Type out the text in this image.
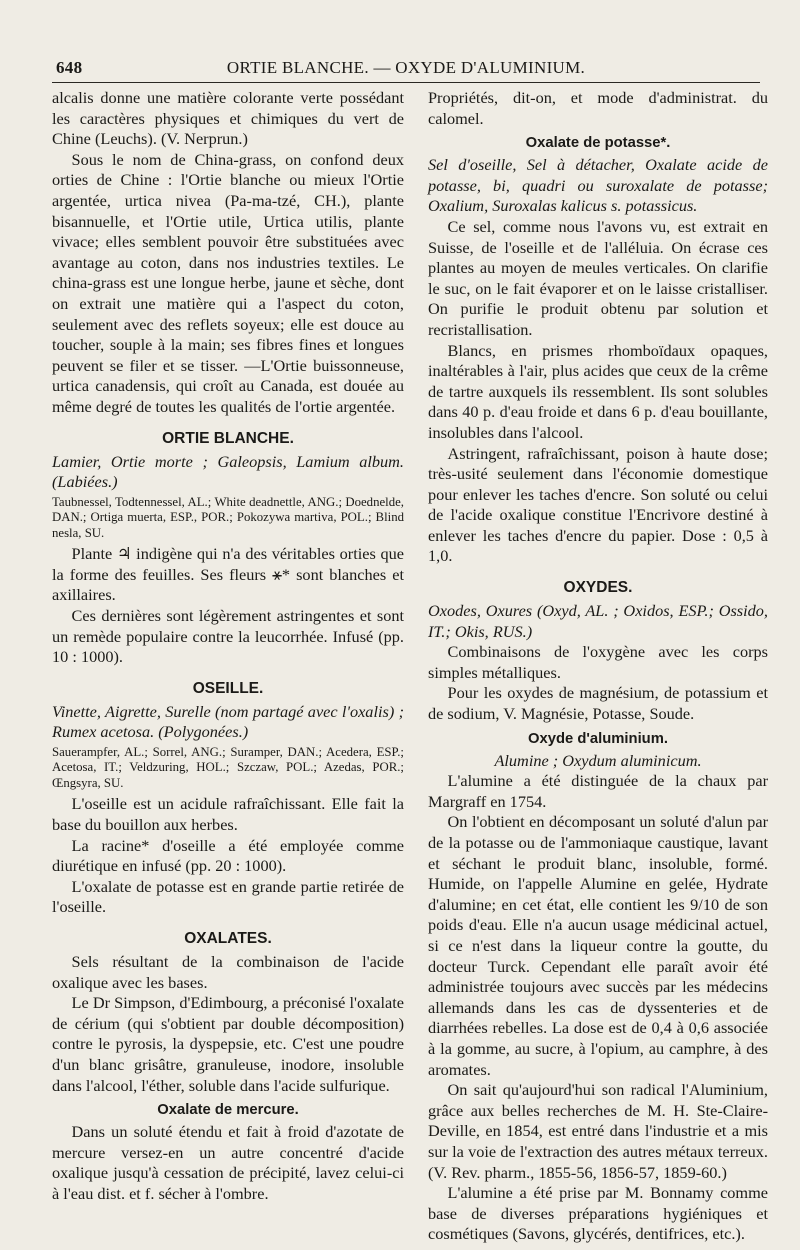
648	ORTIE BLANCHE. — OXYDE D'ALUMINIUM.

alcalis donne une matière colorante verte possédant les caractères physiques et chimiques du vert de Chine (Leuchs). (V. Nerprun.)

Sous le nom de China-grass, on confond deux orties de Chine : l'Ortie blanche ou mieux l'Ortie argentée, urtica nivea (Pa-ma-tzé, CH.), plante bisannuelle, et l'Ortie utile, Urtica utilis, plante vivace; elles semblent pouvoir être substituées avec avantage au coton, dans nos industries textiles. Le china-grass est une longue herbe, jaune et sèche, dont on extrait une matière qui a l'aspect du coton, seulement avec des reflets soyeux; elle est douce au toucher, souple à la main; ses fibres fines et longues peuvent se filer et se tisser. —L'Ortie buissonneuse, urtica canadensis, qui croît au Canada, est douée au même degré de toutes les qualités de l'ortie argentée.

ORTIE BLANCHE.

Lamier, Ortie morte ; Galeopsis, Lamium album. (Labiées.)

Taubnessel, Todtennessel, AL.; White deadnettle, ANG.; Doednelde, DAN.; Ortiga muerta, ESP., POR.; Pokozywa martiva, POL.; Blind nesla, SU.

Plante ♃ indigène qui n'a des véritables orties que la forme des feuilles. Ses fleurs ⚹* sont blanches et axillaires.

Ces dernières sont légèrement astringentes et sont un remède populaire contre la leucorrhée. Infusé (pp. 10 : 1000).

OSEILLE.

Vinette, Aigrette, Surelle (nom partagé avec l'oxalis) ; Rumex acetosa. (Polygonées.)

Sauerampfer, AL.; Sorrel, ANG.; Suramper, DAN.; Acedera, ESP.; Acetosa, IT.; Veldzuring, HOL.; Szczaw, POL.; Azedas, POR.; Œngsyra, SU.

L'oseille est un acidule rafraîchissant. Elle fait la base du bouillon aux herbes.

La racine* d'oseille a été employée comme diurétique en infusé (pp. 20 : 1000).

L'oxalate de potasse est en grande partie retirée de l'oseille.

OXALATES.

Sels résultant de la combinaison de l'acide oxalique avec les bases.

Le Dr Simpson, d'Edimbourg, a préconisé l'oxalate de cérium (qui s'obtient par double décomposition) contre le pyrosis, la dyspepsie, etc. C'est une poudre d'un blanc grisâtre, granuleuse, inodore, insoluble dans l'alcool, l'éther, soluble dans l'acide sulfurique.

Oxalate de mercure.

Dans un soluté étendu et fait à froid d'azotate de mercure versez-en un autre concentré d'acide oxalique jusqu'à cessation de précipité, lavez celui-ci à l'eau dist. et f. sécher à l'ombre.

Propriétés, dit-on, et mode d'administrat. du calomel.

Oxalate de potasse*.

Sel d'oseille, Sel à détacher, Oxalate acide de potasse, bi, quadri ou suroxalate de potasse; Oxalium, Suroxalas kalicus s. potassicus.

Ce sel, comme nous l'avons vu, est extrait en Suisse, de l'oseille et de l'alléluia. On écrase ces plantes au moyen de meules verticales. On clarifie le suc, on le fait évaporer et on le laisse cristalliser. On purifie le produit obtenu par solution et recristallisation.

Blancs, en prismes rhomboïdaux opaques, inaltérables à l'air, plus acides que ceux de la crême de tartre auxquels ils ressemblent. Ils sont solubles dans 40 p. d'eau froide et dans 6 p. d'eau bouillante, insolubles dans l'alcool.

Astringent, rafraîchissant, poison à haute dose; très-usité seulement dans l'économie domestique pour enlever les taches d'encre. Son soluté ou celui de l'acide oxalique constitue l'Encrivore destiné à enlever les taches d'encre du papier. Dose : 0,5 à 1,0.

OXYDES.

Oxodes, Oxures (Oxyd, AL. ; Oxidos, ESP.; Ossido, IT.; Okis, RUS.)

Combinaisons de l'oxygène avec les corps simples métalliques.

Pour les oxydes de magnésium, de potassium et de sodium, V. Magnésie, Potasse, Soude.

Oxyde d'aluminium.

Alumine ; Oxydum aluminicum.

L'alumine a été distinguée de la chaux par Margraff en 1754.

On l'obtient en décomposant un soluté d'alun par de la potasse ou de l'ammoniaque caustique, lavant et séchant le produit blanc, insoluble, formé. Humide, on l'appelle Alumine en gelée, Hydrate d'alumine; en cet état, elle contient les 9/10 de son poids d'eau. Elle n'a aucun usage médicinal actuel, si ce n'est dans la liqueur contre la goutte, du docteur Turck. Cependant elle paraît avoir été administrée toujours avec succès par les médecins allemands dans les cas de dyssenteries et de diarrhées rebelles. La dose est de 0,4 à 0,6 associée à la gomme, au sucre, à l'opium, au camphre, à des aromates.

On sait qu'aujourd'hui son radical l'Aluminium, grâce aux belles recherches de M. H. Ste-Claire-Deville, en 1854, est entré dans l'industrie et a mis sur la voie de l'extraction des autres métaux terreux. (V. Rev. pharm., 1855-56, 1856-57, 1859-60.)

L'alumine a été prise par M. Bonnamy comme base de diverses préparations hygiéniques et cosmétiques (Savons, glycérés, dentifrices, etc.).
